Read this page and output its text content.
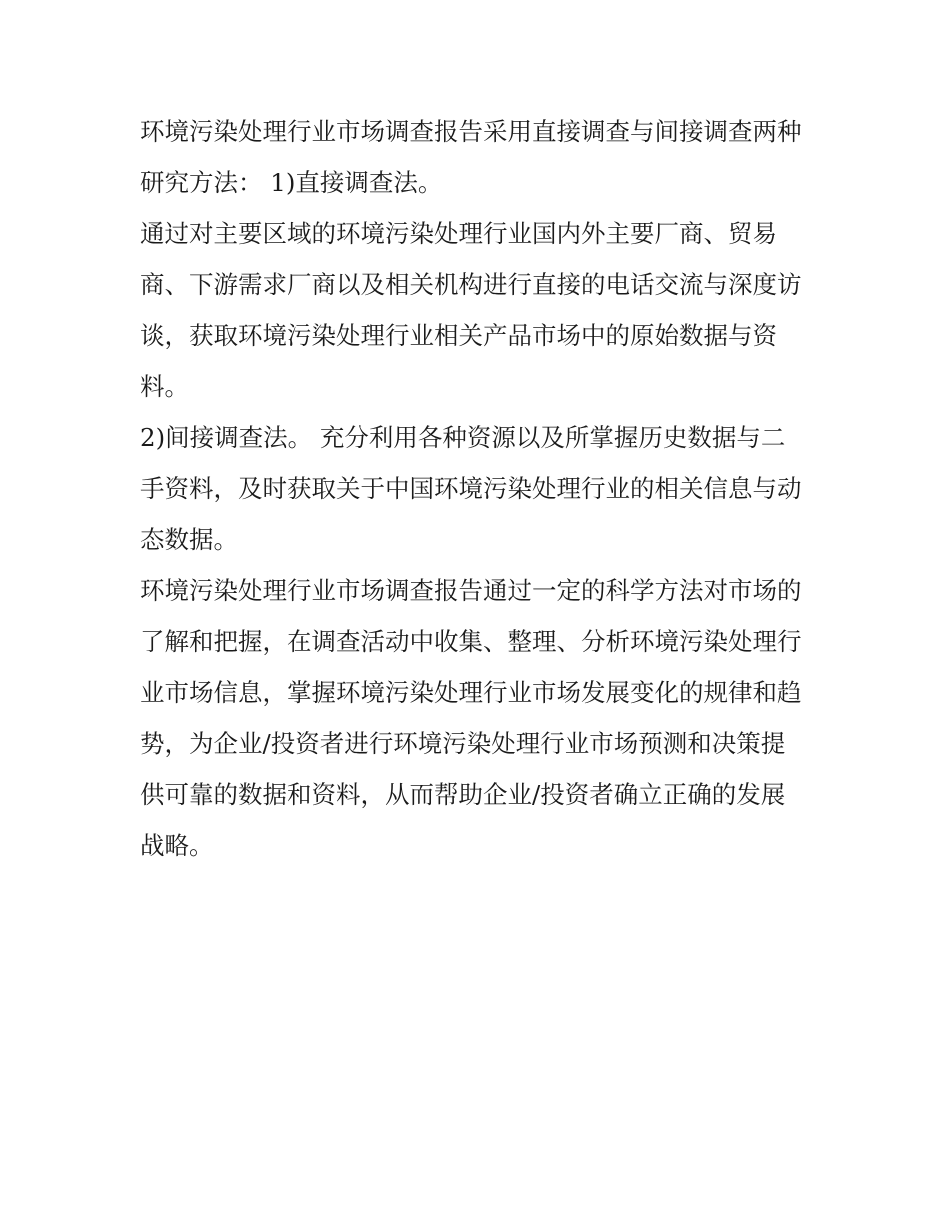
环境污染处理行业市场调查报告采用直接调查与间接调查两种
研究方法： 1)直接调查法。

通过对主要区域的环境污染处理行业国内外主要厂商、贸易
商、下游需求厂商以及相关机构进行直接的电话交流与深度访
谈，获取环境污染处理行业相关产品市场中的原始数据与资
料。

2)间接调查法。 充分利用各种资源以及所掌握历史数据与二
手资料，及时获取关于中国环境污染处理行业的相关信息与动
态数据。

环境污染处理行业市场调查报告通过一定的科学方法对市场的
了解和把握，在调查活动中收集、整理、分析环境污染处理行
业市场信息，掌握环境污染处理行业市场发展变化的规律和趋
势，为企业/投资者进行环境污染处理行业市场预测和决策提
供可靠的数据和资料，从而帮助企业/投资者确立正确的发展
战略。
